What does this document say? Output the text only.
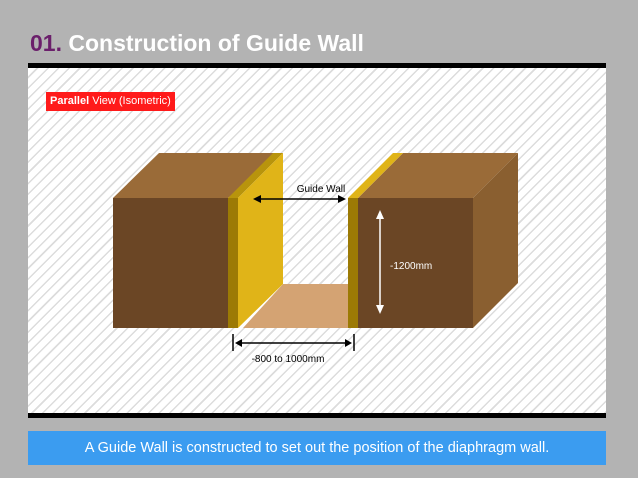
01. Construction of Guide Wall
Parallel View (Isometric)
Guide Wall
-1200mm
-800 to 1000mm
A Guide Wall is constructed to set out the position of the diaphragm wall.
